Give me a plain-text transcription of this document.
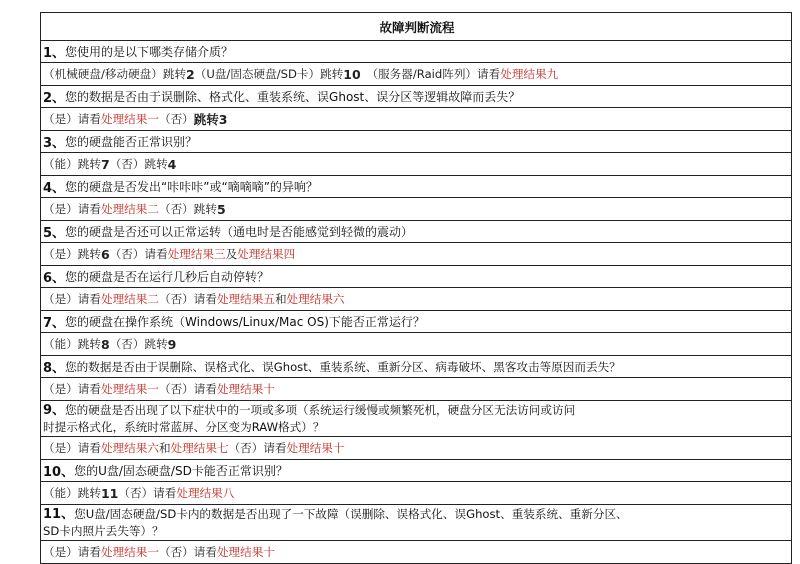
故障判断流程
1、 您使用的是以下哪类存储介质？
（机械硬盘/移动硬盘）跳转 2 （U盘/固态硬盘/SD卡）跳转 10 　（服务器/Raid阵列）请看 处理结果九
2、 您的数据是否由于误删除、格式化、重装系统、误Ghost、误分区等逻辑故障而丢失？
（是）请看 处理结果一 （否） 跳转3
3、 您的硬盘能否正常识别？
（能）跳转 7 （否）跳转 4
4、 您的硬盘是否发出“咔咔咔”或“嘀嘀嘀”的异响？
（是）请看 处理结果二 （否）跳转 5
5、 您的硬盘是否还可以正常运转（通电时是否能感觉到轻微的震动）
（是）跳转 6 （否）请看 处理结果三 及 处理结果四
6、 您的硬盘是否在运行几秒后自动停转？
（是）请看 处理结果二 （否）请看 处理结果五 和 处理结果六
7、 您的硬盘在操作系统（Windows/Linux/Mac OS)下能否正常运行？
（能）跳转 8 （否）跳转 9
8、 您的数据是否由于误删除、误格式化、误Ghost、重装系统、重新分区、病毒破坏、黑客攻击等原因而丢失？
（是）请看 处理结果一 （否）请看 处理结果十
9、您的硬盘是否出现了以下症状中的一项或多项（系统运行缓慢或频繁死机，硬盘分区无法访问或访问
时提示格式化，系统时常蓝屏、分区变为RAW格式）？
（是）请看 处理结果六 和 处理结果七 （否）请看 处理结果十
10、 您的U盘/固态硬盘/SD卡能否正常识别？
（能）跳转 11 （否）请看 处理结果八
11、您U盘/固态硬盘/SD卡内的数据是否出现了一下故障（误删除、误格式化、误Ghost、重装系统、重新分区、
SD卡内照片丢失等）？
（是）请看 处理结果一 （否）请看 处理结果十
